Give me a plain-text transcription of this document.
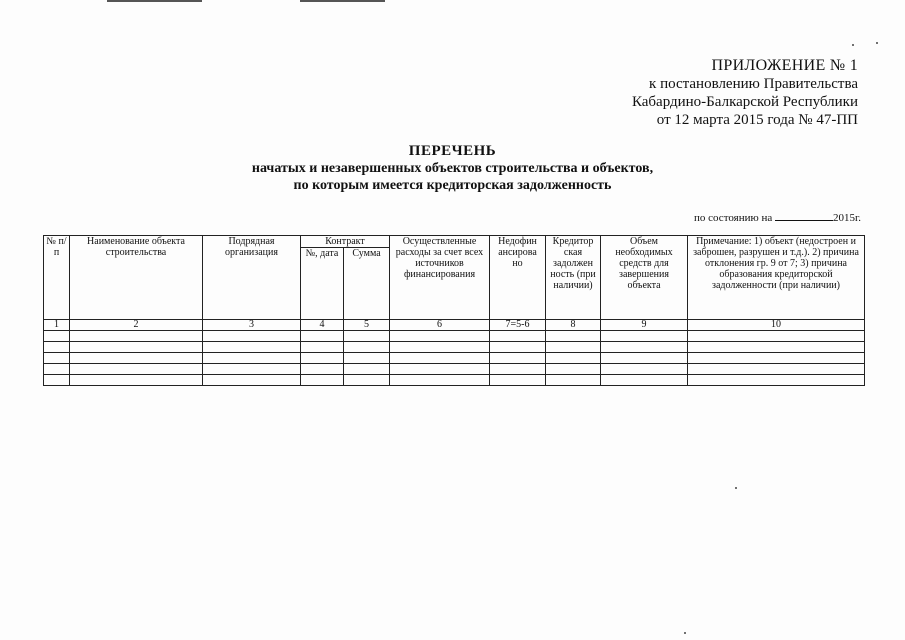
ПРИЛОЖЕНИЕ № 1
к постановлению Правительства
Кабардино-Балкарской Республики
от 12 марта 2015 года № 47-ПП
ПЕРЕЧЕНЬ
начатых и незавершенных объектов строительства и объектов,
по которым имеется кредиторская задолженность
по состоянию на	2015г.
№ п/п	Наименование объекта строительства	Подрядная организация	Контракт		Осуществленные расходы за счет всех источников финансирования	Недофин ансирова но	Кредитор ская задолжен ность (при наличии)	Объем необходимых средств для завершения объекта	Примечание: 1) объект (недостроен и заброшен, разрушен и т.д.). 2) причина отклонения гр. 9 от 7; 3) причина образования кредиторской задолженности (при наличии)
			№, дата	Сумма					
1	2	3	4	5	6	7=5-6	8	9	10
